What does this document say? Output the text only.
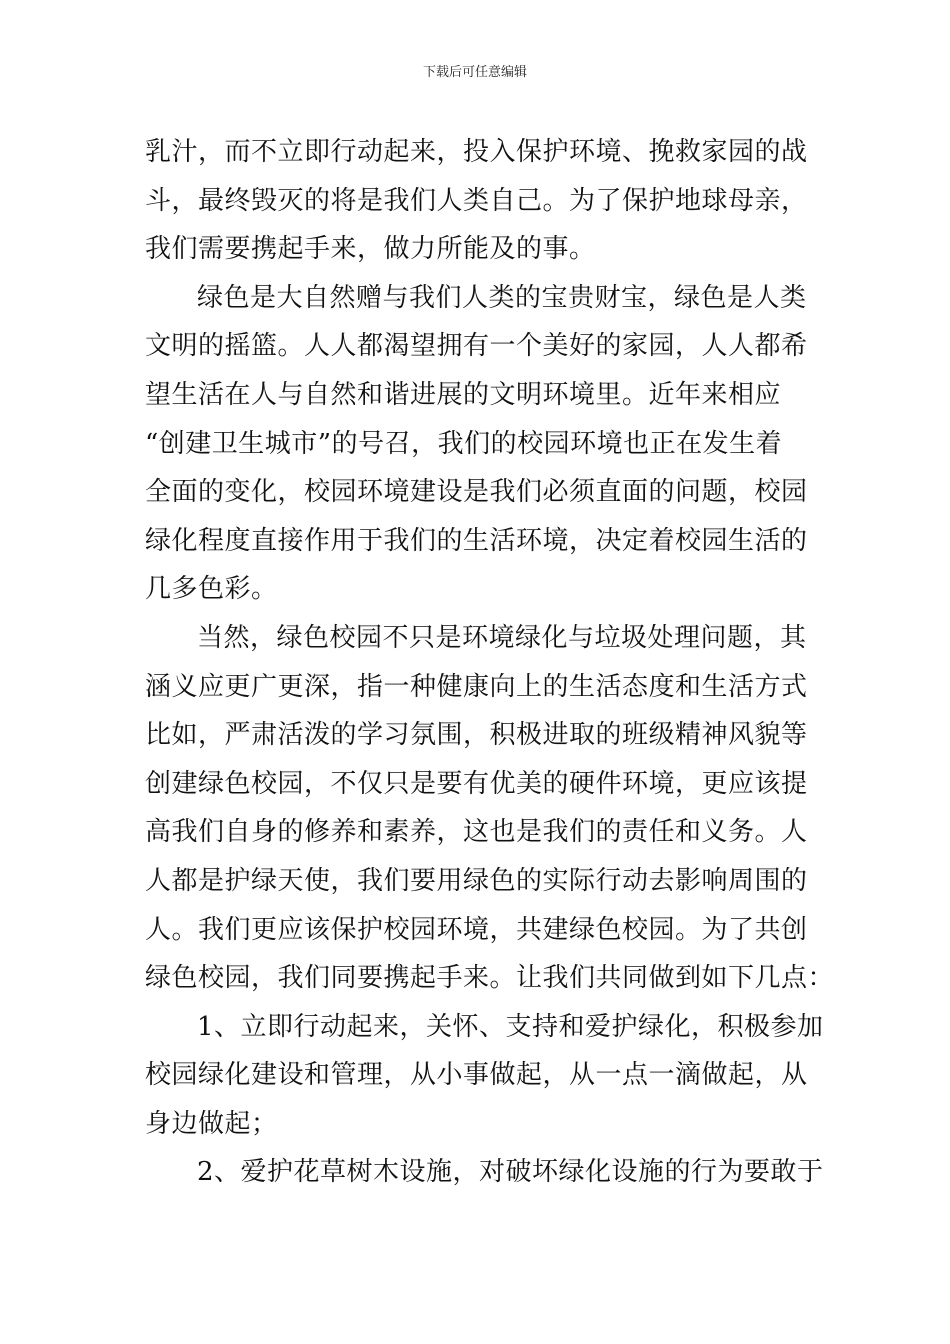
下载后可任意编辑
乳汁，而不立即行动起来，投入保护环境、挽救家园的战
斗，最终毁灭的将是我们人类自己。为了保护地球母亲，
我们需要携起手来，做力所能及的事。
绿色是大自然赠与我们人类的宝贵财宝，绿色是人类
文明的摇篮。人人都渴望拥有一个美好的家园，人人都希
望生活在人与自然和谐进展的文明环境里。近年来相应
“创建卫生城市”的号召，我们的校园环境也正在发生着
全面的变化，校园环境建设是我们必须直面的问题，校园
绿化程度直接作用于我们的生活环境，决定着校园生活的
几多色彩。
当然，绿色校园不只是环境绿化与垃圾处理问题，其
涵义应更广更深，指一种健康向上的生活态度和生活方式
比如，严肃活泼的学习氛围，积极进取的班级精神风貌等
创建绿色校园，不仅只是要有优美的硬件环境，更应该提
高我们自身的修养和素养，这也是我们的责任和义务。人
人都是护绿天使，我们要用绿色的实际行动去影响周围的
人。我们更应该保护校园环境，共建绿色校园。为了共创
绿色校园，我们同要携起手来。让我们共同做到如下几点：
1、立即行动起来，关怀、支持和爱护绿化，积极参加
校园绿化建设和管理，从小事做起，从一点一滴做起，从
身边做起；
2、爱护花草树木设施，对破坏绿化设施的行为要敢于
